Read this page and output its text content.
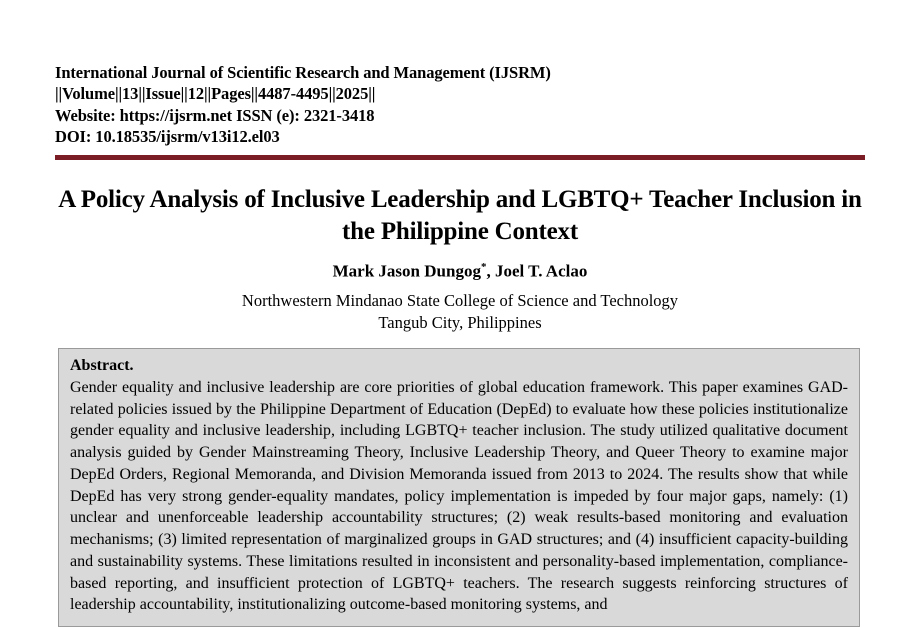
International Journal of Scientific Research and Management (IJSRM)
||Volume||13||Issue||12||Pages||4487-4495||2025||
Website: https://ijsrm.net ISSN (e): 2321-3418
DOI: 10.18535/ijsrm/v13i12.el03
A Policy Analysis of Inclusive Leadership and LGBTQ+ Teacher Inclusion in the Philippine Context
Mark Jason Dungog*, Joel T. Aclao
Northwestern Mindanao State College of Science and Technology
Tangub City, Philippines
Abstract.

Gender equality and inclusive leadership are core priorities of global education framework. This paper examines GAD-related policies issued by the Philippine Department of Education (DepEd) to evaluate how these policies institutionalize gender equality and inclusive leadership, including LGBTQ+ teacher inclusion. The study utilized qualitative document analysis guided by Gender Mainstreaming Theory, Inclusive Leadership Theory, and Queer Theory to examine major DepEd Orders, Regional Memoranda, and Division Memoranda issued from 2013 to 2024. The results show that while DepEd has very strong gender-equality mandates, policy implementation is impeded by four major gaps, namely: (1) unclear and unenforceable leadership accountability structures; (2) weak results-based monitoring and evaluation mechanisms; (3) limited representation of marginalized groups in GAD structures; and (4) insufficient capacity-building and sustainability systems. These limitations resulted in inconsistent and personality-based implementation, compliance-based reporting, and insufficient protection of LGBTQ+ teachers. The research suggests reinforcing structures of leadership accountability, institutionalizing outcome-based monitoring systems, and
